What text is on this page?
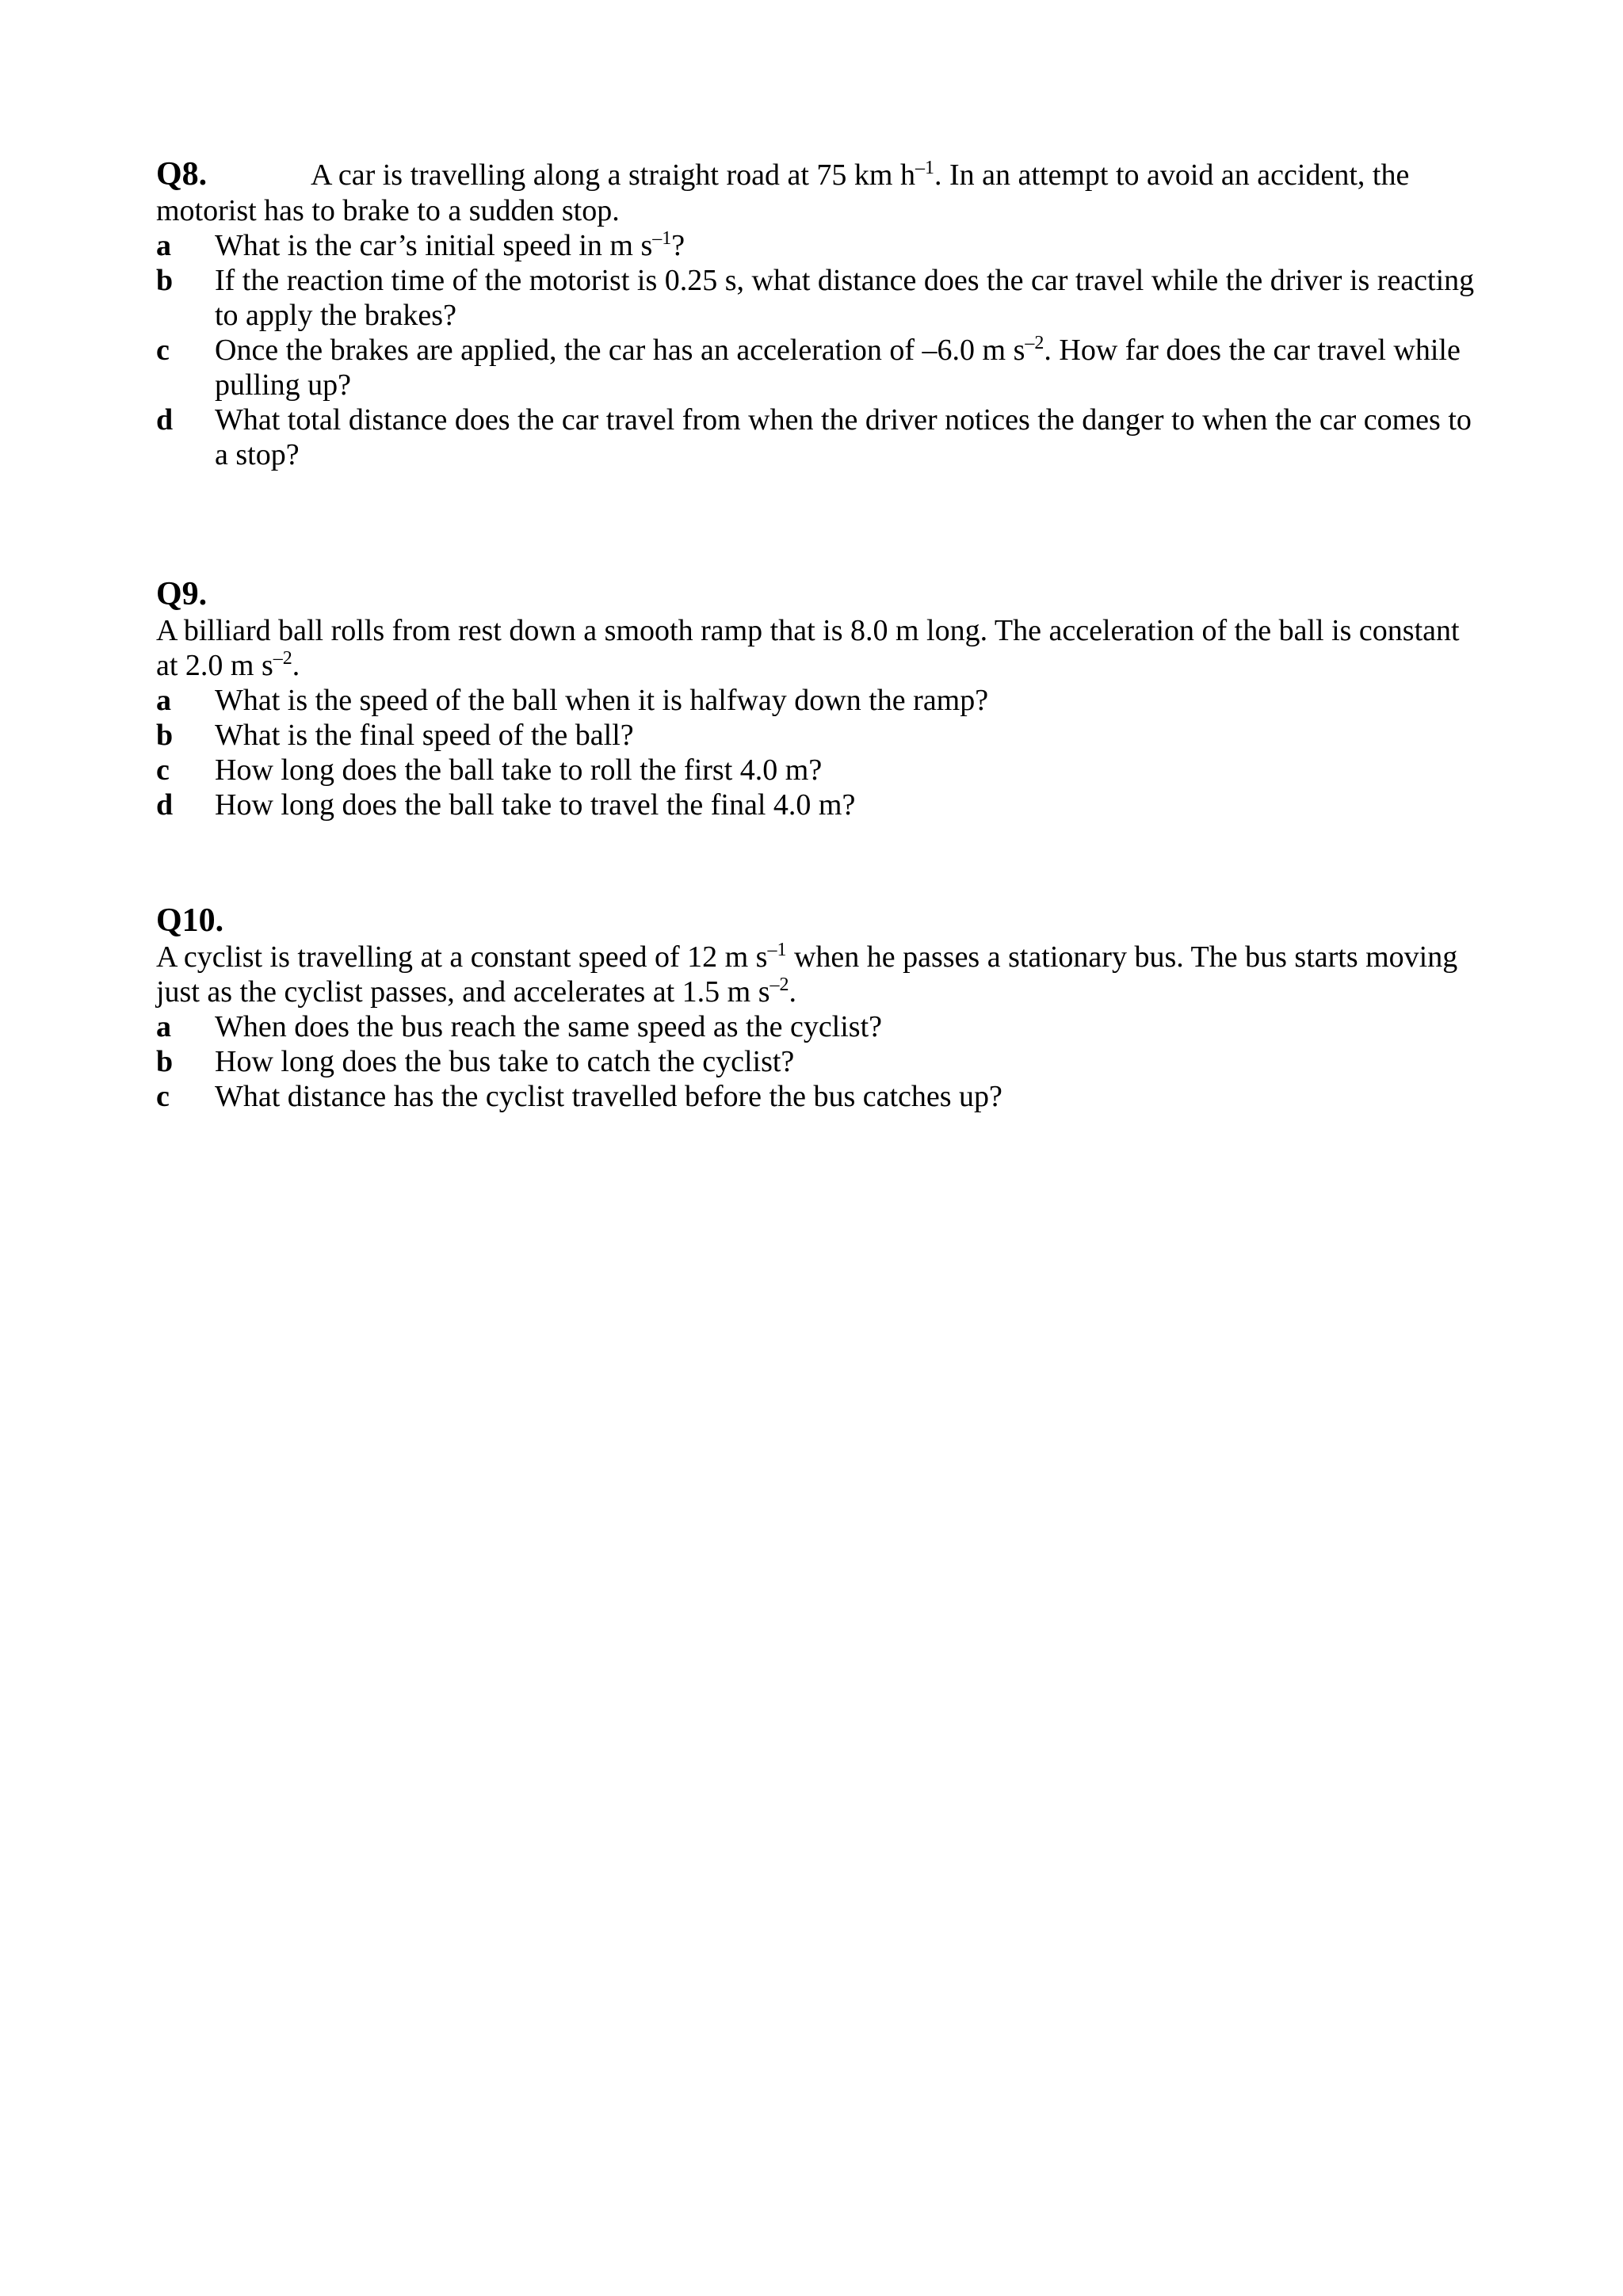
Q8.	A car is travelling along a straight road at 75 km $h^{-1}$. In an attempt to avoid an accident, the motorist has to brake to a sudden stop.

a	What is the car’s initial speed in m $s^{-1}$?
b	If the reaction time of the motorist is 0.25 s, what distance does the car travel while the driver is reacting to apply the brakes?
c	Once the brakes are applied, the car has an acceleration of –6.0 m $s^{-2}$. How far does the car travel while pulling up?
d	What total distance does the car travel from when the driver notices the danger to when the car comes to a stop?
Q9.

A billiard ball rolls from rest down a smooth ramp that is 8.0 m long. The acceleration of the ball is constant at 2.0 m $s^{-2}$.

a	What is the speed of the ball when it is halfway down the ramp?
b	What is the final speed of the ball?
c	How long does the ball take to roll the first 4.0 m?
d	How long does the ball take to travel the final 4.0 m?
Q10.

A cyclist is travelling at a constant speed of 12 m $s^{-1}$ when he passes a stationary bus. The bus starts moving just as the cyclist passes, and accelerates at 1.5 m $s^{-2}$.

a	When does the bus reach the same speed as the cyclist?
b	How long does the bus take to catch the cyclist?
c	What distance has the cyclist travelled before the bus catches up?
